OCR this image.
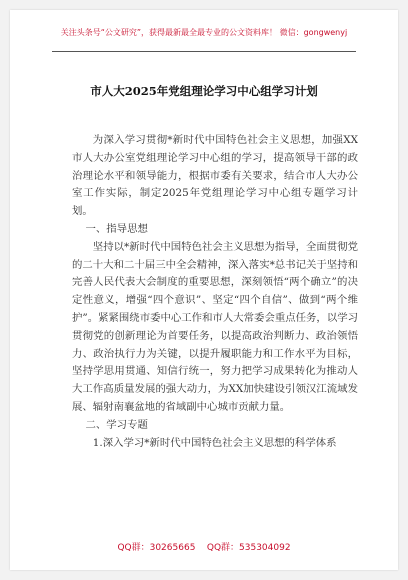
关注头条号“公文研究”，获得最新最全最专业的公文资料库！ 微信：gongwenyj
市人大2025年党组理论学习中心组学习计划

为深入学习贯彻*新时代中国特色社会主义思想，加强XX市人大办公室党组理论学习中心组的学习，提高领导干部的政治理论水平和领导能力，根据市委有关要求，结合市人大办公室工作实际，制定2025年党组理论学习中心组专题学习计划。

一、指导思想

坚持以*新时代中国特色社会主义思想为指导，全面贯彻党的二十大和二十届三中全会精神，深入落实*总书记关于坚持和完善人民代表大会制度的重要思想，深刻领悟“两个确立”的决定性意义，增强“四个意识”、坚定“四个自信”、做到“两个维护”。紧紧围绕市委中心工作和市人大常委会重点任务，以学习贯彻党的创新理论为首要任务，以提高政治判断力、政治领悟力、政治执行力为关键，以提升履职能力和工作水平为目标，坚持学思用贯通、知信行统一，努力把学习成果转化为推动人大工作高质量发展的强大动力，为XX加快建设引领汉江流域发展、辐射南襄盆地的省域副中心城市贡献力量。

二、学习专题

1.深入学习*新时代中国特色社会主义思想的科学体系

QQ群：30265665    QQ群：535304092
